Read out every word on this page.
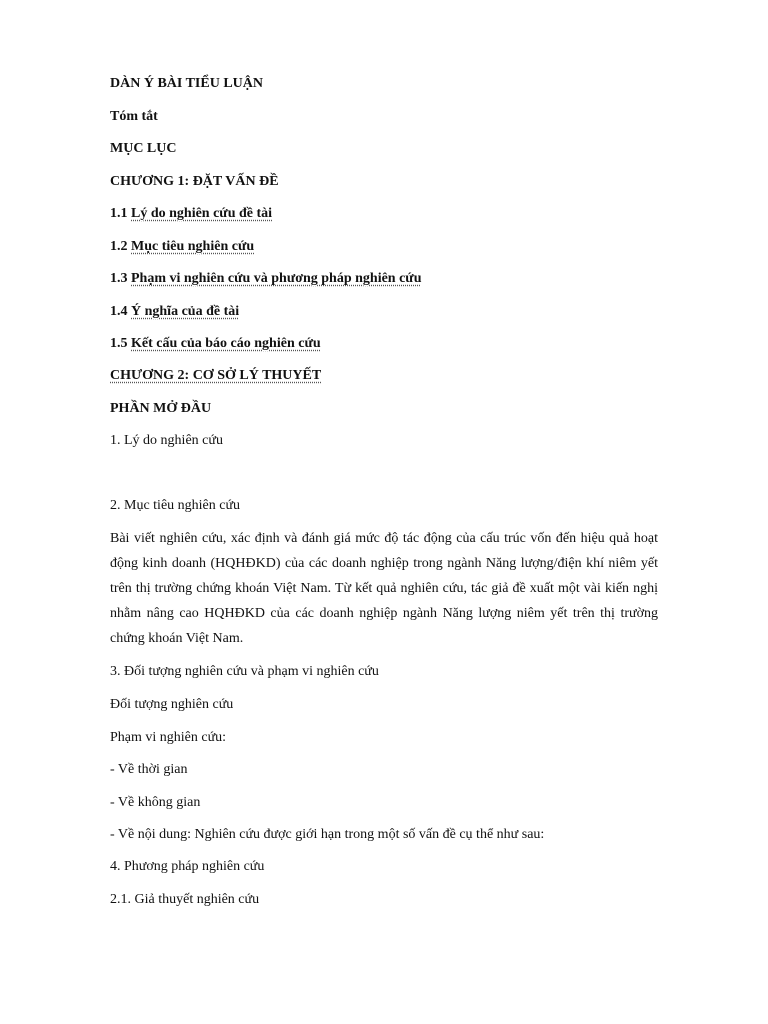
DÀN Ý BÀI TIỂU LUẬN
Tóm tắt
MỤC LỤC
CHƯƠNG 1: ĐẶT VẤN ĐỀ
1.1 Lý do nghiên cứu đề tài
1.2 Mục tiêu nghiên cứu
1.3 Phạm vi nghiên cứu và phương pháp nghiên cứu
1.4 Ý nghĩa của đề tài
1.5 Kết cấu của báo cáo nghiên cứu
CHƯƠNG 2: CƠ SỞ LÝ THUYẾT
PHẦN MỞ ĐẦU
1. Lý do nghiên cứu
2. Mục tiêu nghiên cứu
Bài viết nghiên cứu, xác định và đánh giá mức độ tác động của cấu trúc vốn đến hiệu quả hoạt động kinh doanh (HQHĐKD) của các doanh nghiệp trong ngành Năng lượng/điện khí niêm yết trên thị trường chứng khoán Việt Nam. Từ kết quả nghiên cứu, tác giả đề xuất một vài kiến nghị nhằm nâng cao HQHĐKD của các doanh nghiệp ngành Năng lượng niêm yết trên thị trường chứng khoán Việt Nam.
3. Đối tượng nghiên cứu và phạm vi nghiên cứu
Đối tượng nghiên cứu
Phạm vi nghiên cứu:
- Về thời gian
- Về không gian
- Về nội dung: Nghiên cứu được giới hạn trong một số vấn đề cụ thể như sau:
4. Phương pháp nghiên cứu
2.1. Giả thuyết nghiên cứu
